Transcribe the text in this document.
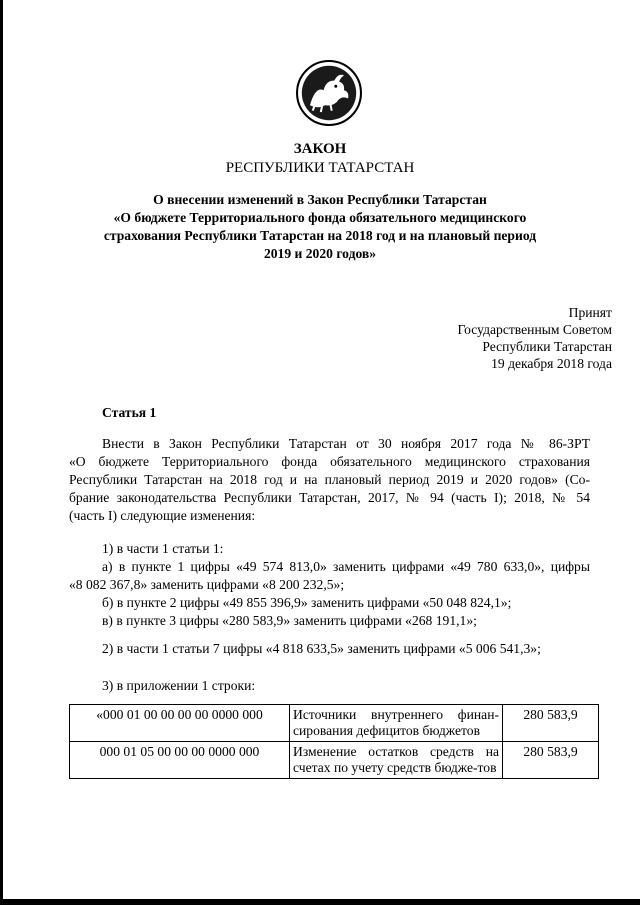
ЗАКОН
РЕСПУБЛИКИ ТАТАРСТАН
О внесении изменений в Закон Республики Татарстан
«О бюджете Территориального фонда обязательного медицинского
страхования Республики Татарстан на 2018 год и на плановый период
2019 и 2020 годов»
Принят
Государственным Советом
Республики Татарстан
19 декабря 2018 года
Статья 1
Внести в Закон Республики Татарстан от 30 ноября 2017 года № 86-ЗРТ
«О бюджете Территориального фонда обязательного медицинского страхования
Республики Татарстан на 2018 год и на плановый период 2019 и 2020 годов» (Со-
брание законодательства Республики Татарстан, 2017, № 94 (часть I); 2018, № 54
(часть I) следующие изменения:
1) в части 1 статьи 1:
а) в пункте 1 цифры «49 574 813,0» заменить цифрами «49 780 633,0», цифры
«8 082 367,8» заменить цифрами «8 200 232,5»;
б) в пункте 2 цифры «49 855 396,9» заменить цифрами «50 048 824,1»;
в) в пункте 3 цифры «280 583,9» заменить цифрами «268 191,1»;
2) в части 1 статьи 7 цифры «4 818 633,5» заменить цифрами «5 006 541,3»;
3) в приложении 1 строки:
«000 01 00 00 00 00 0000 000	Источники внутреннего финан-сирования дефицитов бюджетов	280 583,9
000 01 05 00 00 00 0000 000	Изменение остатков средств на счетах по учету средств бюдже-тов	280 583,9
